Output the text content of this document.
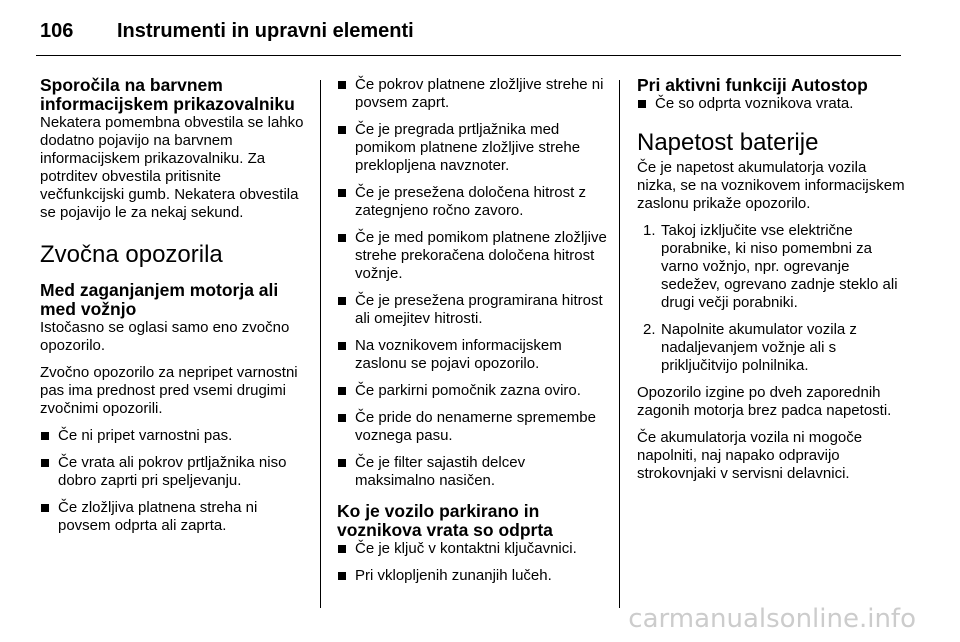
106 Instrumenti in upravni elementi
Sporočila na barvnem informacijskem prikazovalniku

Nekatera pomembna obvestila se lahko dodatno pojavijo na barvnem informacijskem prikazovalniku. Za potrditev obvestila pritisnite večfunkcijski gumb. Nekatera obvestila se pojavijo le za nekaj sekund.

Zvočna opozorila
Med zaganjanjem motorja ali med vožnjo

Istočasno se oglasi samo eno zvočno opozorilo.

Zvočno opozorilo za nepripet varnostni pas ima prednost pred vsemi drugimi zvočnimi opozorili.

Če ni pripet varnostni pas.
Če vrata ali pokrov prtljažnika niso dobro zaprti pri speljevanju.
Če zložljiva platnena streha ni povsem odprta ali zaprta.
Če pokrov platnene zložljive strehe ni povsem zaprt.
Če je pregrada prtljažnika med pomikom platnene zložljive strehe preklopljena navznoter.
Če je presežena določena hitrost z zategnjeno ročno zavoro.
Če je med pomikom platnene zložljive strehe prekoračena določena hitrost vožnje.
Če je presežena programirana hitrost ali omejitev hitrosti.
Na voznikovem informacijskem zaslonu se pojavi opozorilo.
Če parkirni pomočnik zazna oviro.
Če pride do nenamerne spremembe voznega pasu.
Če je filter sajastih delcev maksimalno nasičen.
Ko je vozilo parkirano in voznikova vrata so odprta
Če je ključ v kontaktni ključavnici.
Pri vklopljenih zunanjih lučeh.
Pri aktivni funkciji Autostop
Če so odprta voznikova vrata.
Napetost baterije

Če je napetost akumulatorja vozila nizka, se na voznikovem informacijskem zaslonu prikaže opozorilo.

1. Takoj izključite vse električne porabnike, ki niso pomembni za varno vožnjo, npr. ogrevanje sedežev, ogrevano zadnje steklo ali drugi večji porabniki.
2. Napolnite akumulator vozila z nadaljevanjem vožnje ali s priključitvijo polnilnika.

Opozorilo izgine po dveh zaporednih zagonih motorja brez padca napetosti.

Če akumulatorja vozila ni mogoče napolniti, naj napako odpravijo strokovnjaki v servisni delavnici.

carmanualsonline.info
